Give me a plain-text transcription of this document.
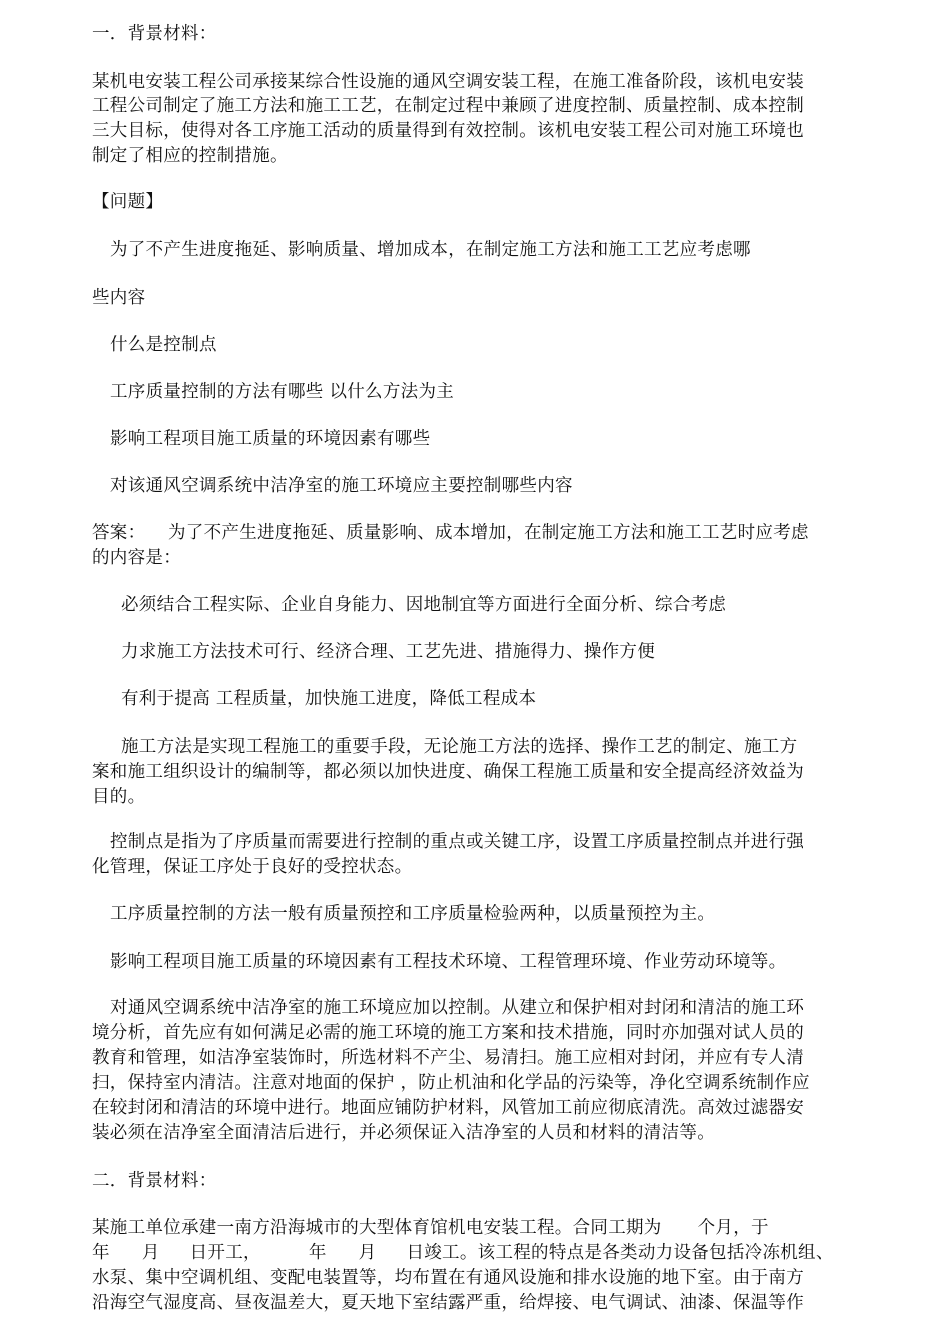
一．背景材料：
某机电安装工程公司承接某综合性设施的通风空调安装工程，在施工准备阶段，该机电安装
工程公司制定了施工方法和施工工艺，在制定过程中兼顾了进度控制、质量控制、成本控制
三大目标，使得对各工序施工活动的质量得到有效控制。该机电安装工程公司对施工环境也
制定了相应的控制措施。
【问题】
为了不产生进度拖延、影响质量、增加成本，在制定施工方法和施工工艺应考虑哪
些内容
什么是控制点
工序质量控制的方法有哪些 以什么方法为主
影响工程项目施工质量的环境因素有哪些
对该通风空调系统中洁净室的施工环境应主要控制哪些内容
答案： 为了不产生进度拖延、质量影响、成本增加，在制定施工方法和施工工艺时应考虑
的内容是：
必须结合工程实际、企业自身能力、因地制宜等方面进行全面分析、综合考虑
力求施工方法技术可行、经济合理、工艺先进、措施得力、操作方便
有利于提高 工程质量，加快施工进度，降低工程成本
施工方法是实现工程施工的重要手段，无论施工方法的选择、操作工艺的制定、施工方
案和施工组织设计的编制等，都必须以加快进度、确保工程施工质量和安全提高经济效益为
目的。
控制点是指为了序质量而需要进行控制的重点或关键工序，设置工序质量控制点并进行强
化管理，保证工序处于良好的受控状态。
工序质量控制的方法一般有质量预控和工序质量检验两种，以质量预控为主。
影响工程项目施工质量的环境因素有工程技术环境、工程管理环境、作业劳动环境等。
对通风空调系统中洁净室的施工环境应加以控制。从建立和保护相对封闭和清洁的施工环
境分析，首先应有如何满足必需的施工环境的施工方案和技术措施，同时亦加强对试人员的
教育和管理，如洁净室装饰时，所选材料不产尘、易清扫。施工应相对封闭，并应有专人清
扫，保持室内清洁。注意对地面的保护 ，防止机油和化学品的污染等，净化空调系统制作应
在较封闭和清洁的环境中进行。地面应铺防护材料，风管加工前应彻底清洗。高效过滤器安
装必须在洁净室全面清洁后进行，并必须保证入洁净室的人员和材料的清洁等。
二．背景材料：
某施工单位承建一南方沿海城市的大型体育馆机电安装工程。合同工期为 个月，于
年 月 日开工，	年 月 日竣工。该工程的特点是各类动力设备包括冷冻机组、
水泵、集中空调机组、变配电装置等，均布置在有通风设施和排水设施的地下室。由于南方
沿海空气湿度高、昼夜温差大，夏天地下室结露严重，给焊接、电气调试、油漆、保温等作
